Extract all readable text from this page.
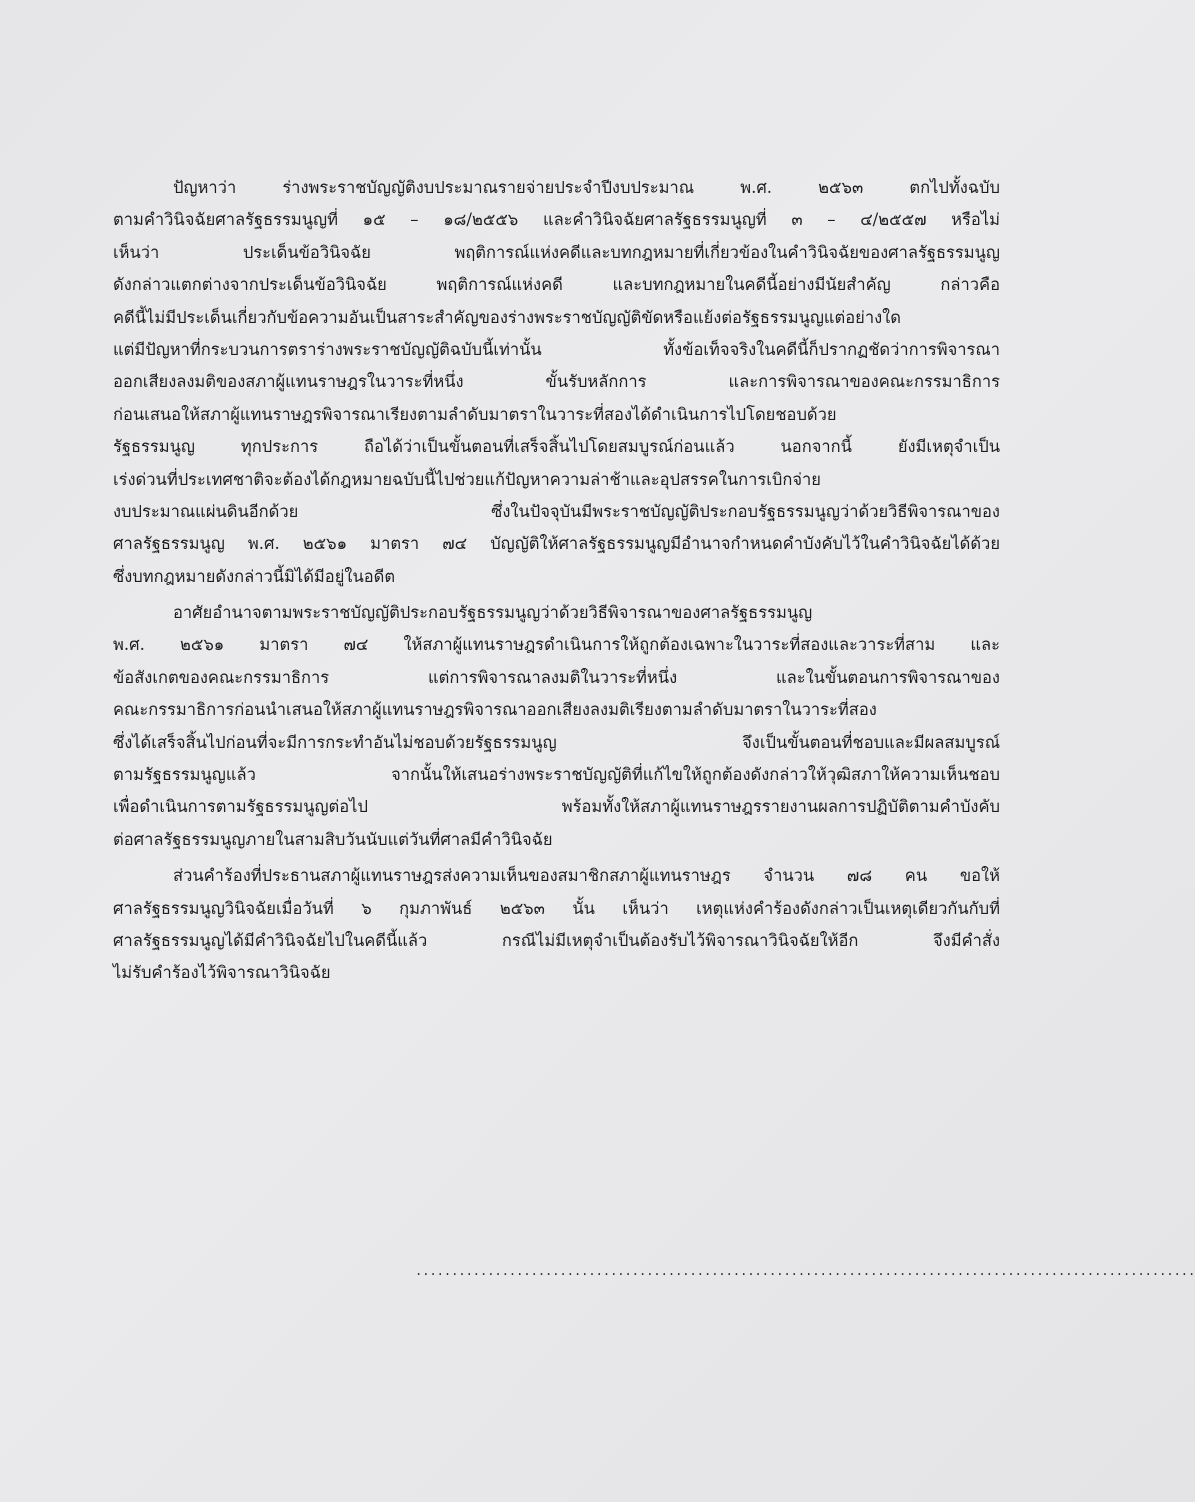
ปัญหาว่า ร่างพระราชบัญญัติงบประมาณรายจ่ายประจำปีงบประมาณ พ.ศ. ๒๕๖๓ ตกไปทั้งฉบับ
ตามคำวินิจฉัยศาลรัฐธรรมนูญที่ ๑๕ – ๑๘/๒๕๕๖ และคำวินิจฉัยศาลรัฐธรรมนูญที่ ๓ – ๔/๒๕๕๗ หรือไม่
เห็นว่า ประเด็นข้อวินิจฉัย พฤติการณ์แห่งคดีและบทกฎหมายที่เกี่ยวข้องในคำวินิจฉัยของศาลรัฐธรรมนูญ
ดังกล่าวแตกต่างจากประเด็นข้อวินิจฉัย พฤติการณ์แห่งคดี และบทกฎหมายในคดีนี้อย่างมีนัยสำคัญ กล่าวคือ
คดีนี้ไม่มีประเด็นเกี่ยวกับข้อความอันเป็นสาระสำคัญของร่างพระราชบัญญัติขัดหรือแย้งต่อรัฐธรรมนูญแต่อย่างใด
แต่มีปัญหาที่กระบวนการตราร่างพระราชบัญญัติฉบับนี้เท่านั้น ทั้งข้อเท็จจริงในคดีนี้ก็ปรากฏชัดว่าการพิจารณา
ออกเสียงลงมติของสภาผู้แทนราษฎรในวาระที่หนึ่ง ขั้นรับหลักการ และการพิจารณาของคณะกรรมาธิการ
ก่อนเสนอให้สภาผู้แทนราษฎรพิจารณาเรียงตามลำดับมาตราในวาระที่สองได้ดำเนินการไปโดยชอบด้วย
รัฐธรรมนูญ ทุกประการ ถือได้ว่าเป็นขั้นตอนที่เสร็จสิ้นไปโดยสมบูรณ์ก่อนแล้ว นอกจากนี้ ยังมีเหตุจำเป็น
เร่งด่วนที่ประเทศชาติจะต้องได้กฎหมายฉบับนี้ไปช่วยแก้ปัญหาความล่าช้าและอุปสรรคในการเบิกจ่าย
งบประมาณแผ่นดินอีกด้วย ซึ่งในปัจจุบันมีพระราชบัญญัติประกอบรัฐธรรมนูญว่าด้วยวิธีพิจารณาของ
ศาลรัฐธรรมนูญ พ.ศ. ๒๕๖๑ มาตรา ๗๔ บัญญัติให้ศาลรัฐธรรมนูญมีอำนาจกำหนดคำบังคับไว้ในคำวินิจฉัยได้ด้วย
ซึ่งบทกฎหมายดังกล่าวนี้มิได้มีอยู่ในอดีต
อาศัยอำนาจตามพระราชบัญญัติประกอบรัฐธรรมนูญว่าด้วยวิธีพิจารณาของศาลรัฐธรรมนูญ
พ.ศ. ๒๕๖๑ มาตรา ๗๔ ให้สภาผู้แทนราษฎรดำเนินการให้ถูกต้องเฉพาะในวาระที่สองและวาระที่สาม และ
ข้อสังเกตของคณะกรรมาธิการ แต่การพิจารณาลงมติในวาระที่หนึ่ง และในขั้นตอนการพิจารณาของ
คณะกรรมาธิการก่อนนำเสนอให้สภาผู้แทนราษฎรพิจารณาออกเสียงลงมติเรียงตามลำดับมาตราในวาระที่สอง
ซึ่งได้เสร็จสิ้นไปก่อนที่จะมีการกระทำอันไม่ชอบด้วยรัฐธรรมนูญ จึงเป็นขั้นตอนที่ชอบและมีผลสมบูรณ์
ตามรัฐธรรมนูญแล้ว จากนั้นให้เสนอร่างพระราชบัญญัติที่แก้ไขให้ถูกต้องดังกล่าวให้วุฒิสภาให้ความเห็นชอบ
เพื่อดำเนินการตามรัฐธรรมนูญต่อไป พร้อมทั้งให้สภาผู้แทนราษฎรรายงานผลการปฏิบัติตามคำบังคับ
ต่อศาลรัฐธรรมนูญภายในสามสิบวันนับแต่วันที่ศาลมีคำวินิจฉัย
ส่วนคำร้องที่ประธานสภาผู้แทนราษฎรส่งความเห็นของสมาชิกสภาผู้แทนราษฎร จำนวน ๗๘ คน ขอให้
ศาลรัฐธรรมนูญวินิจฉัยเมื่อวันที่ ๖ กุมภาพันธ์ ๒๕๖๓ นั้น เห็นว่า เหตุแห่งคำร้องดังกล่าวเป็นเหตุเดียวกันกับที่
ศาลรัฐธรรมนูญได้มีคำวินิจฉัยไปในคดีนี้แล้ว กรณีไม่มีเหตุจำเป็นต้องรับไว้พิจารณาวินิจฉัยให้อีก จึงมีคำสั่ง
ไม่รับคำร้องไว้พิจารณาวินิจฉัย
............................................................................................................
